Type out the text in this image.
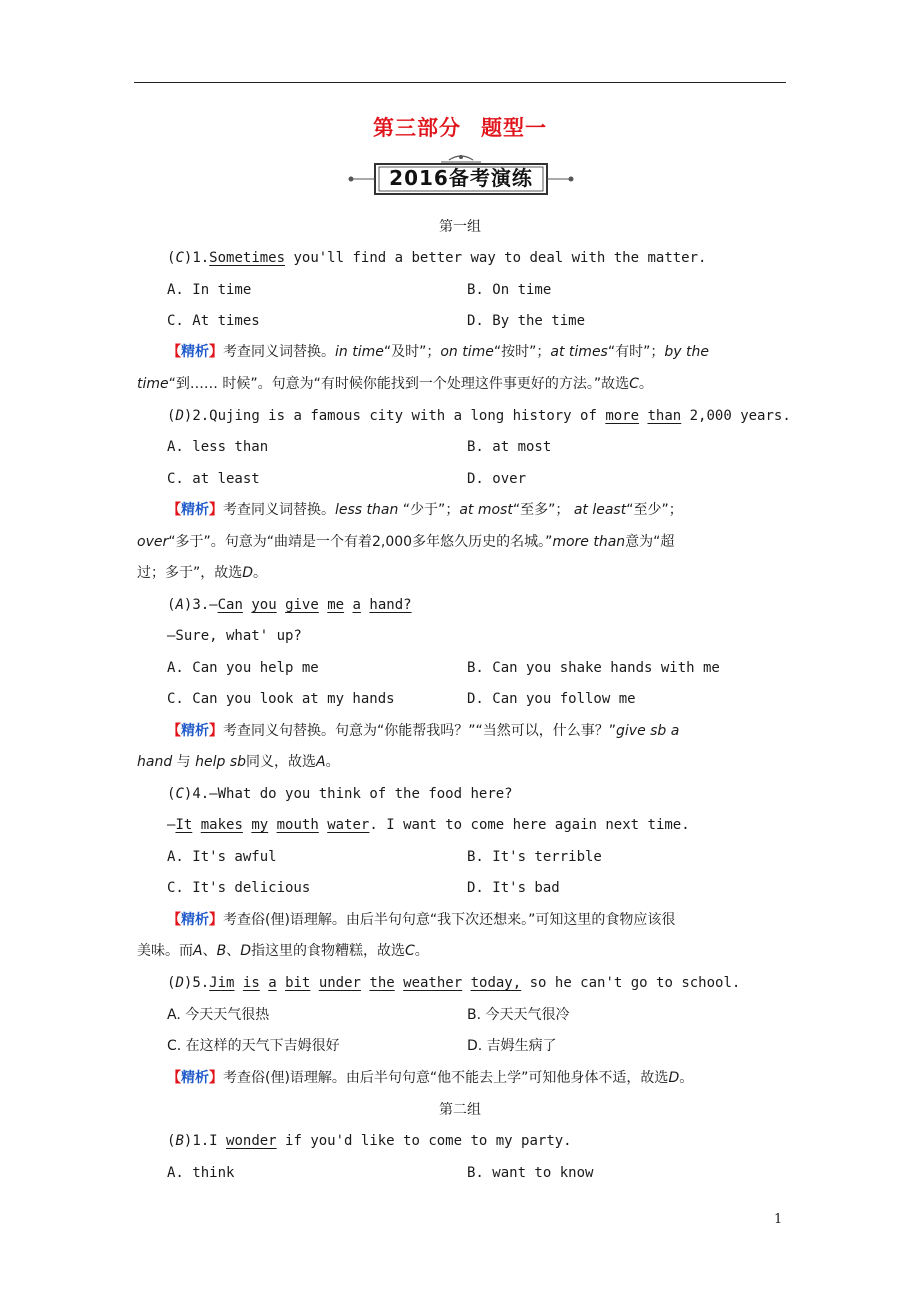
第三部分 题型一
2016备考演练
第一组
(C)1.Sometimes you'll find a better way to deal with the matter.
A. In time	B. On time
C. At times	D. By the time
【精析】考查同义词替换。in time“及时”；on time“按时”；at times“有时”；by the
time“到…… 时候”。句意为“有时候你能找到一个处理这件事更好的方法。”故选C。
(D)2.Qujing is a famous city with a long history of more than 2,000 years.
A. less than	B. at most
C. at least	D. over
【精析】考查同义词替换。less than “少于”；at most“至多”； at least“至少”；
over“多于”。句意为“曲靖是一个有着2,000多年悠久历史的名城。”more than意为“超
过；多于”，故选D。
(A)3.—Can you give me a hand?
—Sure, what' up?
A. Can you help me	B. Can you shake hands with me
C. Can you look at my hands	D. Can you follow me
【精析】考查同义句替换。句意为“你能帮我吗？”“当然可以，什么事？”give sb a
hand 与 help sb同义，故选A。
(C)4.—What do you think of the food here?
—It makes my mouth water. I want to come here again next time.
A. It's awful	B. It's terrible
C. It's delicious	D. It's bad
【精析】考查俗(俚)语理解。由后半句句意“我下次还想来。”可知这里的食物应该很
美味。而A、B、D指这里的食物糟糕，故选C。
(D)5.Jim is a bit under the weather today, so he can't go to school.
A. 今天天气很热	B. 今天天气很冷
C. 在这样的天气下吉姆很好	D. 吉姆生病了
【精析】考查俗(俚)语理解。由后半句句意“他不能去上学”可知他身体不适，故选D。
第二组
(B)1.I wonder if you'd like to come to my party.
A. think	B. want to know
1
